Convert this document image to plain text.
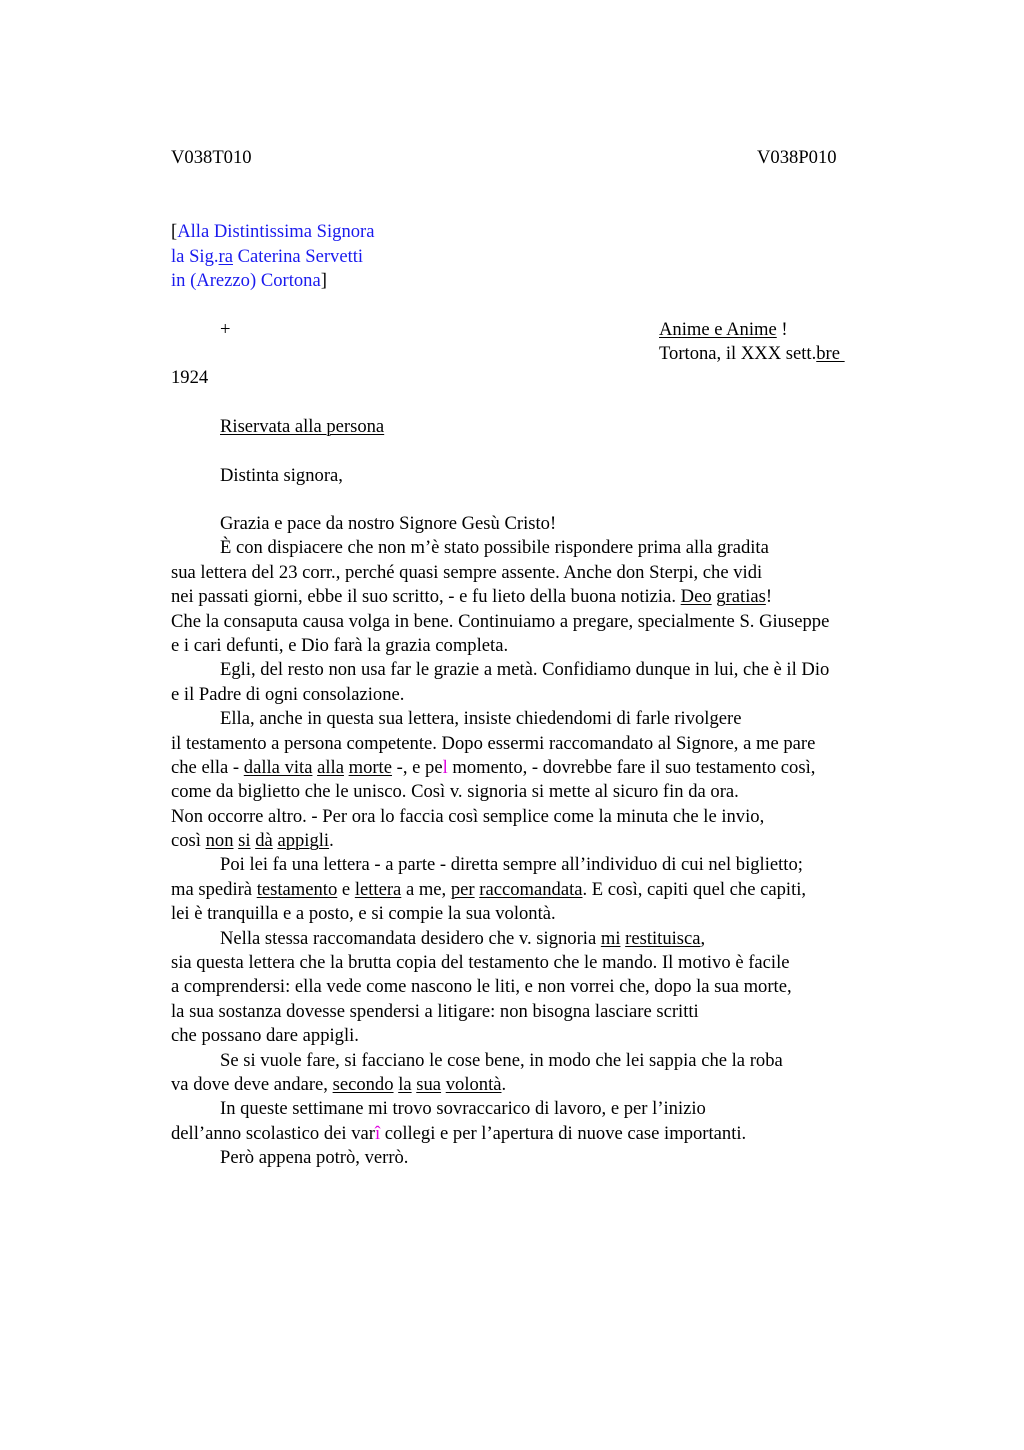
V038T010	V038P010
[Alla Distintissima Signora
la Sig.ra Caterina Servetti
in (Arezzo) Cortona]
+	Anime e Anime !
Tortona, il XXX sett.bre
1924
Riservata alla persona
Distinta signora,
Grazia e pace da nostro Signore Gesù Cristo!
È con dispiacere che non m’è stato possibile rispondere prima alla gradita
sua lettera del 23 corr., perché quasi sempre assente. Anche don Sterpi, che vidi
nei passati giorni, ebbe il suo scritto, - e fu lieto della buona notizia. Deo gratias!
Che la consaputa causa volga in bene. Continuiamo a pregare, specialmente S. Giuseppe
e i cari defunti, e Dio farà la grazia completa.
Egli, del resto non usa far le grazie a metà. Confidiamo dunque in lui, che è il Dio
e il Padre di ogni consolazione.
Ella, anche in questa sua lettera, insiste chiedendomi di farle rivolgere
il testamento a persona competente. Dopo essermi raccomandato al Signore, a me pare
che ella - dalla vita alla morte -, e pel momento, - dovrebbe fare il suo testamento così,
come da biglietto che le unisco. Così v. signoria si mette al sicuro fin da ora.
Non occorre altro. - Per ora lo faccia così semplice come la minuta che le invio,
così non si dà appigli.
Poi lei fa una lettera - a parte - diretta sempre all’individuo di cui nel biglietto;
ma spedirà testamento e lettera a me, per raccomandata. E così, capiti quel che capiti,
lei è tranquilla e a posto, e si compie la sua volontà.
Nella stessa raccomandata desidero che v. signoria mi restituisca,
sia questa lettera che la brutta copia del testamento che le mando. Il motivo è facile
a comprendersi: ella vede come nascono le liti, e non vorrei che, dopo la sua morte,
la sua sostanza dovesse spendersi a litigare: non bisogna lasciare scritti
che possano dare appigli.
Se si vuole fare, si facciano le cose bene, in modo che lei sappia che la roba
va dove deve andare, secondo la sua volontà.
In queste settimane mi trovo sovraccarico di lavoro, e per l’inizio
dell’anno scolastico dei varî collegi e per l’apertura di nuove case importanti.
Però appena potrò, verrò.
